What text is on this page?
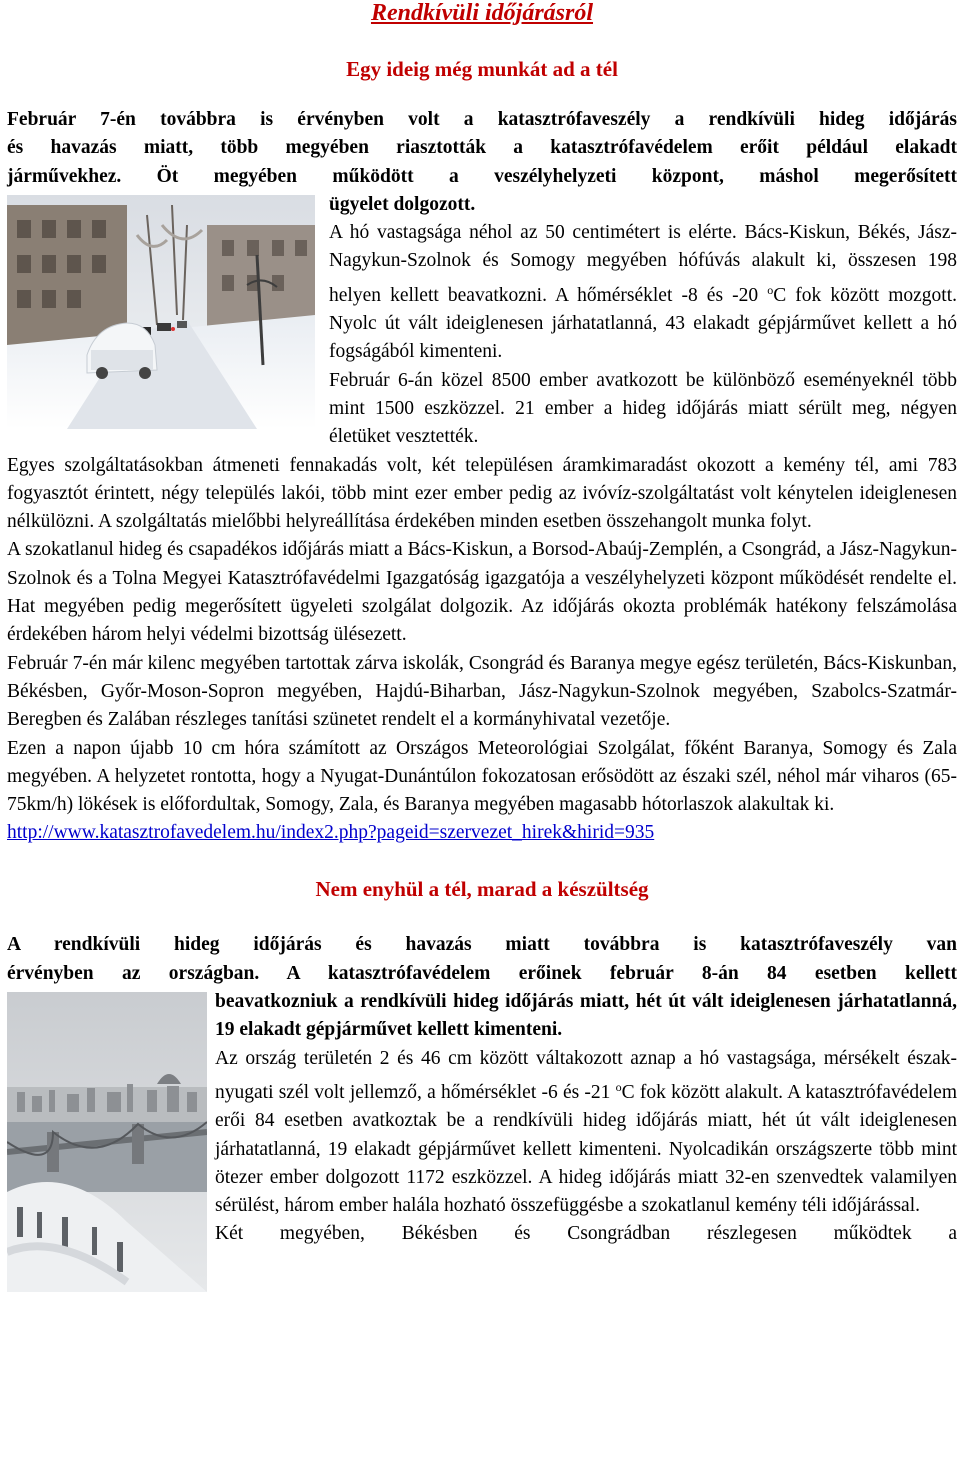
Rendkívüli időjárásról
Egy ideig még munkát ad a tél
Február 7-én továbbra is érvényben volt a katasztrófaveszély a rendkívüli hideg időjárás
és havazás miatt, több megyében riasztották a katasztrófavédelem erőit például elakadt
járművekhez. Öt megyében működött a veszélyhelyzeti központ, máshol megerősített
ügyelet dolgozott.
A hó vastagsága néhol az 50 centimétert is elérte. Bács-Kiskun, Békés, Jász-Nagykun-Szolnok és Somogy megyében hófúvás alakult ki, összesen 198 helyen kellett beavatkozni. A hőmérséklet -8 és -20 $^o$C fok között mozgott. Nyolc út vált ideiglenesen járhatatlanná, 43 elakadt gépjárművet kellett a hó fogságából kimenteni.
Február 6-án közel 8500 ember avatkozott be különböző eseményeknél több mint 1500 eszközzel. 21 ember a hideg időjárás miatt sérült meg, négyen életüket vesztették.
Egyes szolgáltatásokban átmeneti fennakadás volt, két településen áramkimaradást okozott a kemény tél, ami 783 fogyasztót érintett, négy település lakói, több mint ezer ember pedig az ivóvíz-szolgáltatást volt kénytelen ideiglenesen nélkülözni. A szolgáltatás mielőbbi helyreállítása érdekében minden esetben összehangolt munka folyt.
A szokatlanul hideg és csapadékos időjárás miatt a Bács-Kiskun, a Borsod-Abaúj-Zemplén, a Csongrád, a Jász-Nagykun-Szolnok és a Tolna Megyei Katasztrófavédelmi Igazgatóság igazgatója a veszélyhelyzeti központ működését rendelte el. Hat megyében pedig megerősített ügyeleti szolgálat dolgozik. Az időjárás okozta problémák hatékony felszámolása érdekében három helyi védelmi bizottság ülésezett.
Február 7-én már kilenc megyében tartottak zárva iskolák, Csongrád és Baranya megye egész területén, Bács-Kiskunban, Békésben, Győr-Moson-Sopron megyében, Hajdú-Biharban, Jász-Nagykun-Szolnok megyében, Szabolcs-Szatmár-Beregben és Zalában részleges tanítási szünetet rendelt el a kormányhivatal vezetője.
Ezen a napon újabb 10 cm hóra számított az Országos Meteorológiai Szolgálat, főként Baranya, Somogy és Zala megyében. A helyzetet rontotta, hogy a Nyugat-Dunántúlon fokozatosan erősödött az északi szél, néhol már viharos (65-75km/h) lökések is előfordultak, Somogy, Zala, és Baranya megyében magasabb hótorlaszok alakultak ki.
http://www.katasztrofavedelem.hu/index2.php?pageid=szervezet_hirek&hirid=935
Nem enyhül a tél, marad a készültség
A rendkívüli hideg időjárás és havazás miatt továbbra is katasztrófaveszély van
érvényben az országban. A katasztrófavédelem erőinek február 8-án 84 esetben kellett
beavatkozniuk a rendkívüli hideg időjárás miatt, hét út vált ideiglenesen járhatatlanná, 19 elakadt gépjárművet kellett kimenteni.
Az ország területén 2 és 46 cm között váltakozott aznap a hó vastagsága, mérsékelt észak-nyugati szél volt jellemző, a hőmérséklet -6 és -21 $^o$C fok között alakult. A katasztrófavédelem erői 84 esetben avatkoztak be a rendkívüli hideg időjárás miatt, hét út vált ideiglenesen járhatatlanná, 19 elakadt gépjárművet kellett kimenteni. Nyolcadikán országszerte több mint ötezer ember dolgozott 1172 eszközzel. A hideg időjárás miatt 32-en szenvedtek valamilyen sérülést, három ember halála hozható összefüggésbe a szokatlanul kemény téli időjárással.
Két megyében, Békésben és Csongrádban részlegesen működtek a
